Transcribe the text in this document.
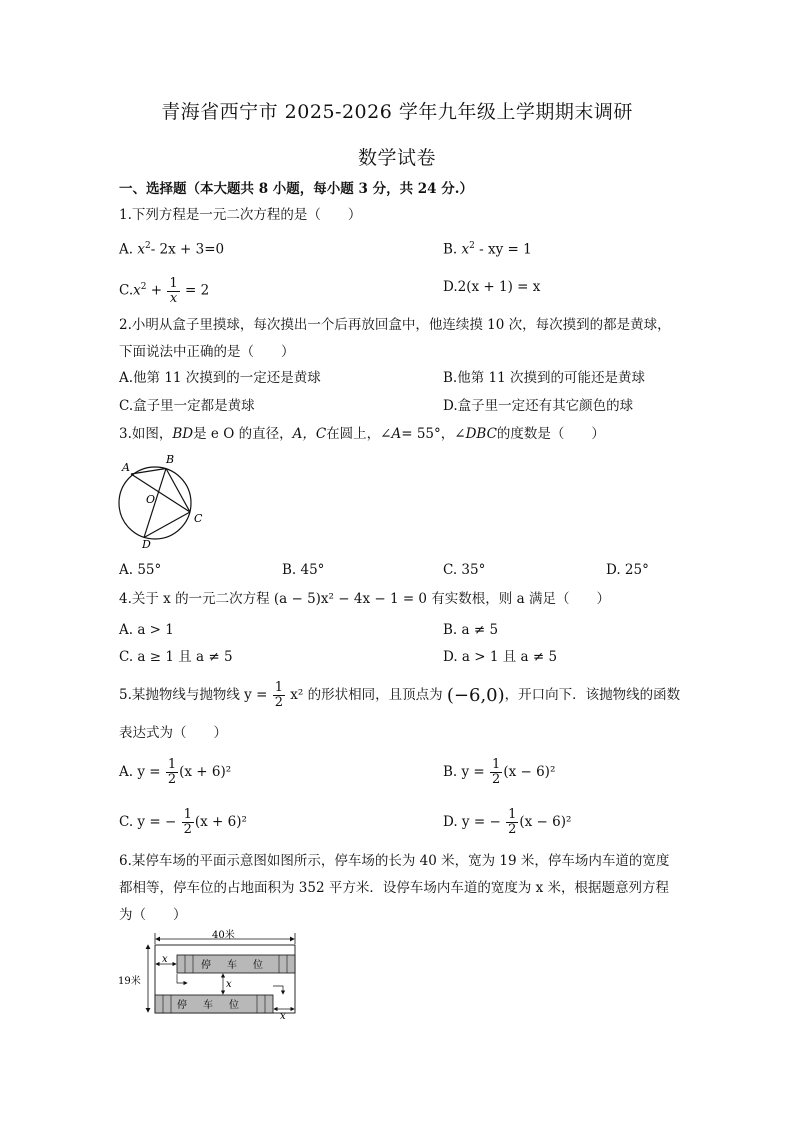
青海省西宁市 2025-2026 学年九年级上学期期末调研
数学试卷
一、选择题（本大题共 8 小题，每小题 3 分，共 24 分.）
1.下列方程是一元二次方程的是（　　）
A. $x^2-$ 2x + 3=0	B. $x^2$ - xy = 1
$C.x^2 + \frac{1}{x} = 2$	D.2(x + 1) = x
2.小明从盒子里摸球，每次摸出一个后再放回盒中，他连续摸 10 次，每次摸到的都是黄球，
下面说法中正确的是（　　）
A.他第 11 次摸到的一定还是黄球	B.他第 11 次摸到的可能还是黄球
C.盒子里一定都是黄球	D.盒子里一定还有其它颜色的球
3.如图，BD是 e O 的直径，A，C在圆上，∠A= 55°，∠DBC的度数是（　　）
A
B
C
D
O
A. 55°	B. 45°	C. 35°	D. 25°
4.关于 x 的一元二次方程 (a − 5)x² − 4x − 1 = 0 有实数根，则 a 满足（　　）
A. a > 1	B. a ≠ 5
C. a ≥ 1 且 a ≠ 5	D. a > 1 且 a ≠ 5
5.某抛物线与抛物线 $y = \frac{1}{2} x^2$ 的形状相同，且顶点为 (−6,0)，开口向下．该抛物线的函数
表达式为（　　）
A. $y = \frac{1}{2} (x + 6)^2$	B. $y = \frac{1}{2} (x - 6)^2$
C. y = − $\frac{1}{2} (x + 6)^2$	D. y = − $\frac{1}{2} (x - 6)^2$
6.某停车场的平面示意图如图所示，停车场的长为 40 米，宽为 19 米，停车场内车道的宽度
都相等，停车位的占地面积为 352 平方米．设停车场内车道的宽度为 x 米，根据题意列方程
为（　　）
40米
19米
停 车 位
停 车 位
x
x
x
